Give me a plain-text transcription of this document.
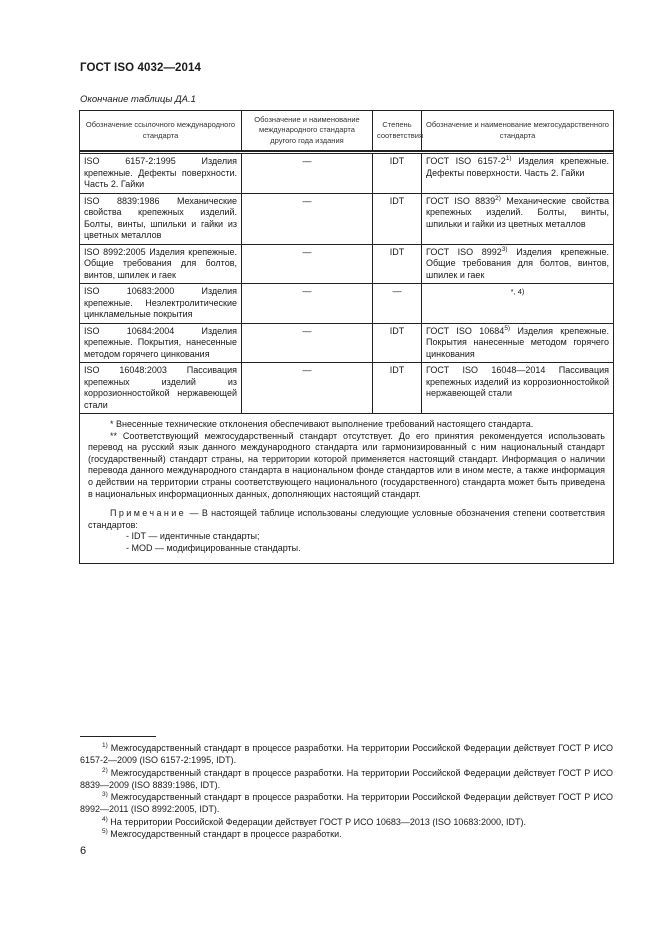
ГОСТ ISO 4032—2014
Окончание таблицы ДА.1
Обозначение ссылочного международного стандарта	Обозначение и наименование международного стандарта другого года издания	Степень соответствия	Обозначение и наименование межгосударственного стандарта

ISO 6157-2:1995 Изделия крепежные. Дефекты поверхности. Часть 2. Гайки	—	IDT	ГОСТ ISO 6157-2$^{1)}$ Изделия крепежные. Дефекты поверхности. Часть 2. Гайки
ISO 8839:1986 Механические свойства крепежных изделий. Болты, винты, шпильки и гайки из цветных металлов	—	IDT	ГОСТ ISO 8839$^{2)}$ Механические свойства крепежных изделий. Болты, винты, шпильки и гайки из цветных металлов
ISO 8992:2005 Изделия крепежные. Общие требования для болтов, винтов, шпилек и гаек	—	IDT	ГОСТ ISO 8992$^{3)}$ Изделия крепежные. Общие требования для болтов, винтов, шпилек и гаек
ISO 10683:2000 Изделия крепежные. Неэлектролитические цинкламельные покрытия	—	—	*, 4)

ISO 10684:2004 Изделия крепежные. Покрытия, нанесенные методом горячего цинкования	—	IDT	ГОСТ ISO 10684$^{5)}$ Изделия крепежные. Покрытия нанесенные методом горячего цинкования
ISO 16048:2003 Пассивация крепежных изделий из коррозионностойкой нержавеющей стали	—	IDT	ГОСТ ISO 16048—2014 Пассивация крепежных изделий из коррозионностойкой нержавеющей стали

* Внесенные технические отклонения обеспечивают выполнение требований настоящего стандарта.

** Соответствующий межгосударственный стандарт отсутствует. До его принятия рекомендуется использовать перевод на русский язык данного международного стандарта или гармонизированный с ним национальный стандарт (государственный) стандарт страны, на территории которой применяется настоящий стандарт. Информация о наличии перевода данного международного стандарта в национальном фонде стандартов или в ином месте, а также информация о действии на территории страны соответствующего национального (государственного) стандарта может быть приведена в национальных информационных данных, дополняющих настоящий стандарт.

Примечание — В настоящей таблице использованы следующие условные обозначения степени соответствия стандартов:

- IDT — идентичные стандарты;

- MOD — модифицированные стандарты.			

$^{1)}$ Межгосударственный стандарт в процессе разработки. На территории Российской Федерации действует ГОСТ Р ИСО 6157-2—2009 (ISO 6157-2:1995, IDT).

$^{2)}$ Межгосударственный стандарт в процессе разработки. На территории Российской Федерации действует ГОСТ Р ИСО 8839—2009 (ISO 8839:1986, IDT).

$^{3)}$ Межгосударственный стандарт в процессе разработки. На территории Российской Федерации действует ГОСТ Р ИСО 8992—2011 (ISO 8992:2005, IDT).

$^{4)}$ На территории Российской Федерации действует ГОСТ Р ИСО 10683—2013 (ISO 10683:2000, IDT).

$^{5)}$ Межгосударственный стандарт в процессе разработки.

6
